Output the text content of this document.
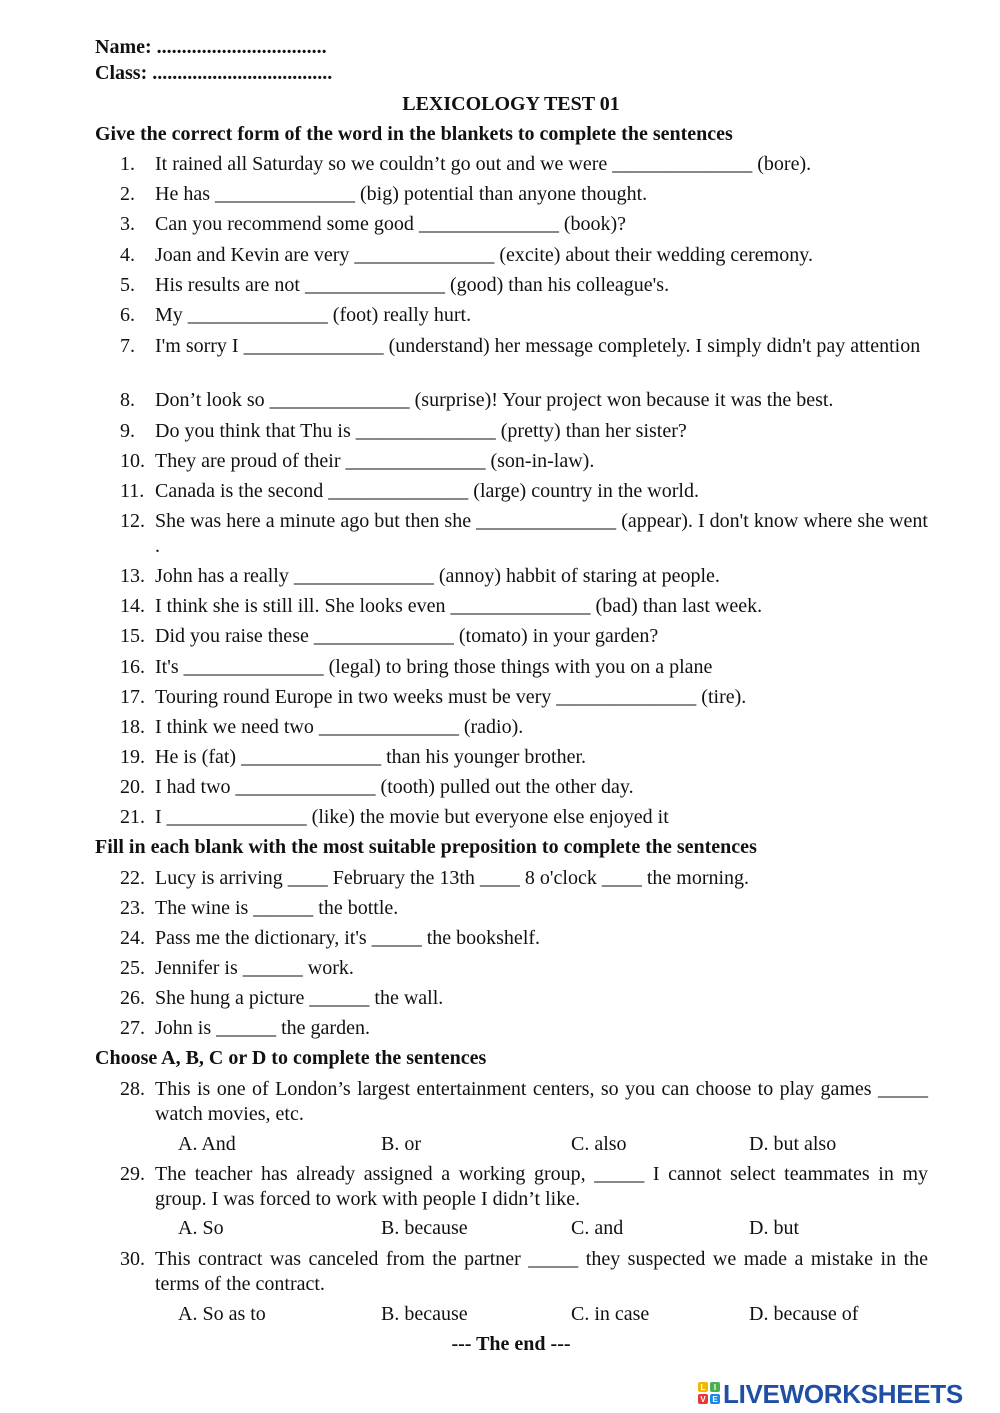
Name: ..................................
Class: ....................................
LEXICOLOGY TEST 01
Give the correct form of the word in the blankets to complete the sentences
1.	It rained all Saturday so we couldn’t go out and we were ______________ (bore).
2.	He has ______________ (big) potential than anyone thought.
3.	Can you recommend some good ______________ (book)?
4.	Joan and Kevin are very ______________ (excite) about their wedding ceremony.
5.	His results are not ______________ (good) than his colleague's.
6.	My ______________ (foot) really hurt.
7.	I'm sorry I ______________ (understand) her message completely. I simply didn't pay attention
8.	Don’t look so ______________ (surprise)! Your project won because it was the best.
9.	Do you think that Thu is ______________ (pretty) than her sister?
10. They are proud of their ______________ (son-in-law).
11. Canada is the second ______________ (large) country in the world.
12. She was here a minute ago but then she ______________ (appear). I don't know where she went .
13. John has a really ______________ (annoy) habbit of staring at people.
14. I think she is still ill. She looks even ______________ (bad) than last week.
15. Did you raise these ______________ (tomato) in your garden?
16. It's ______________ (legal) to bring those things with you on a plane
17. Touring round Europe in two weeks must be very ______________ (tire).
18. I think we need two ______________ (radio).
19. He is (fat) ______________ than his younger brother.
20. I had two ______________ (tooth) pulled out the other day.
21. I ______________ (like) the movie but everyone else enjoyed it
Fill in each blank with the most suitable preposition to complete the sentences
22. Lucy is arriving ____ February the 13th ____ 8 o'clock ____ the morning.
23. The wine is ______ the bottle.
24. Pass me the dictionary, it's _____ the bookshelf.
25. Jennifer is ______ work.
26. She hung a picture ______ the wall.
27. John is ______ the garden.
Choose A, B, C or D to complete the sentences
28. This is one of London’s largest entertainment centers, so you can choose to play games _____ watch movies, etc.
A. And	B. or	C. also	D. but also
29. The teacher has already assigned a working group, _____ I cannot select teammates in my group. I was forced to work with people I didn’t like.
A. So	B. because	C. and	D. but
30. This contract was canceled from the partner _____ they suspected we made a mistake in the terms of the contract.
A. So as to	B. because	C. in case	D. because of
--- The end ---
L I
V E LIVEWORKSHEETS
